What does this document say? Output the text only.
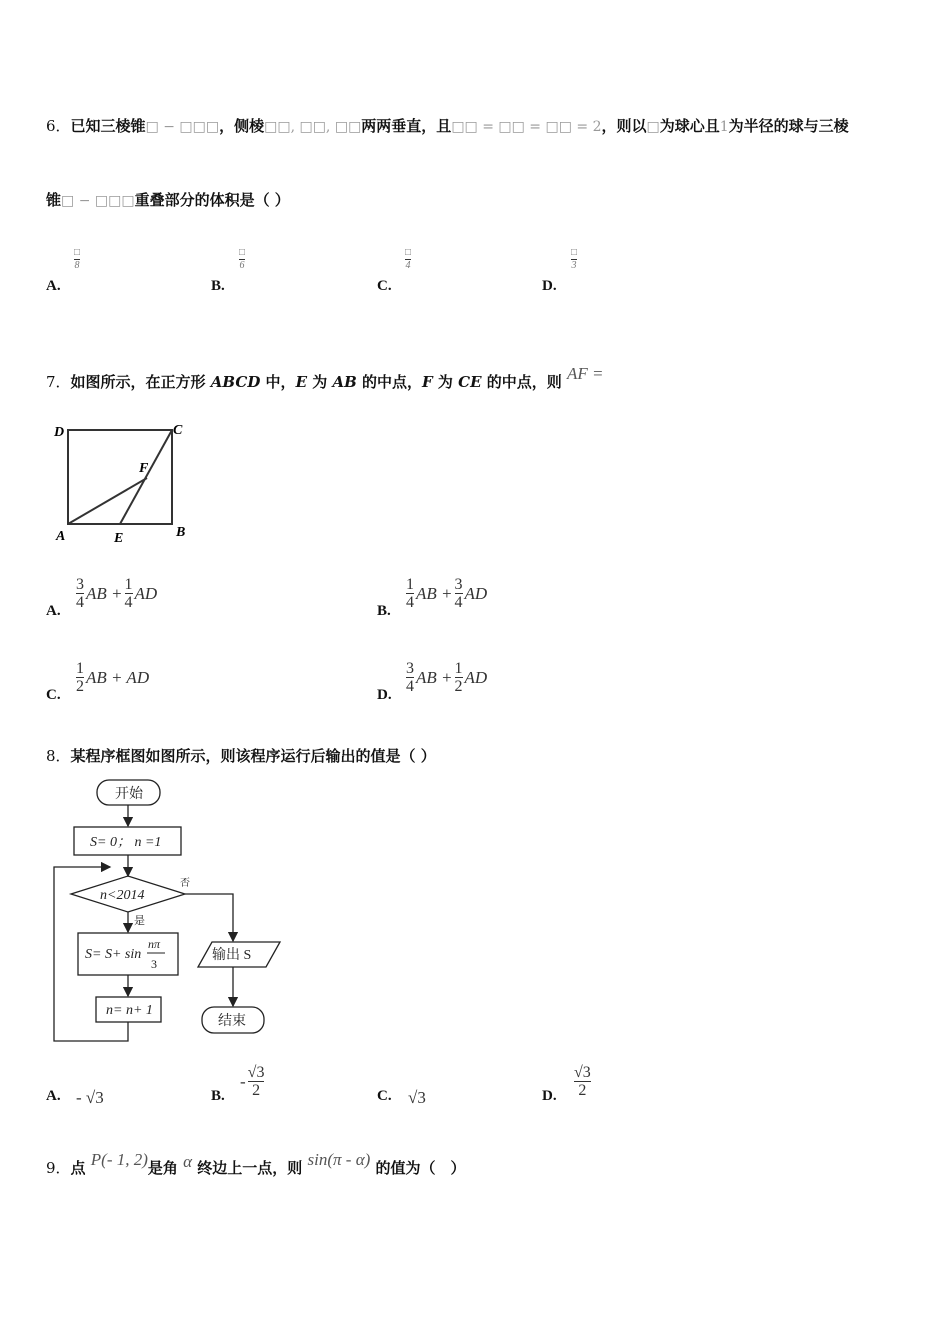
6．已知三棱锥□ − □□□，侧棱□□, □□, □□两两垂直，且□□ = □□ = □□ = 2，则以□为球心且1为半径的球与三棱
锥□ − □□□重叠部分的体积是（ ）
□
8
A.
□
6
B.
□
4
C.
□
3
D.
7．如图所示，在正方形 ABCD 中，E 为 AB 的中点，F 为 CE 的中点，则 AF =
D	C
F
A	E	B
A. $\frac{3}{4}$ AB + $\frac{1}{4}$ AD
B. $\frac{1}{4}$ AB + $\frac{3}{4}$ AD
C. $\frac{1}{2}$ AB + AD
D. $\frac{3}{4}$ AB + $\frac{1}{2}$ AD
8．某程序框图如图所示，则该程序运行后输出的值是（ ）
开始
S= 0； n =1
n<2014
否
是
S= S+ sin
nπ
3
n= n+ 1
输出 S
结束
A. - √3	B.
- $\frac{√3}{2}$	C. √3	D. $\frac{√3}{2}$
9．点 P(- 1, 2)是角 α 终边上一点，则 sin(π - α) 的值为（　）
